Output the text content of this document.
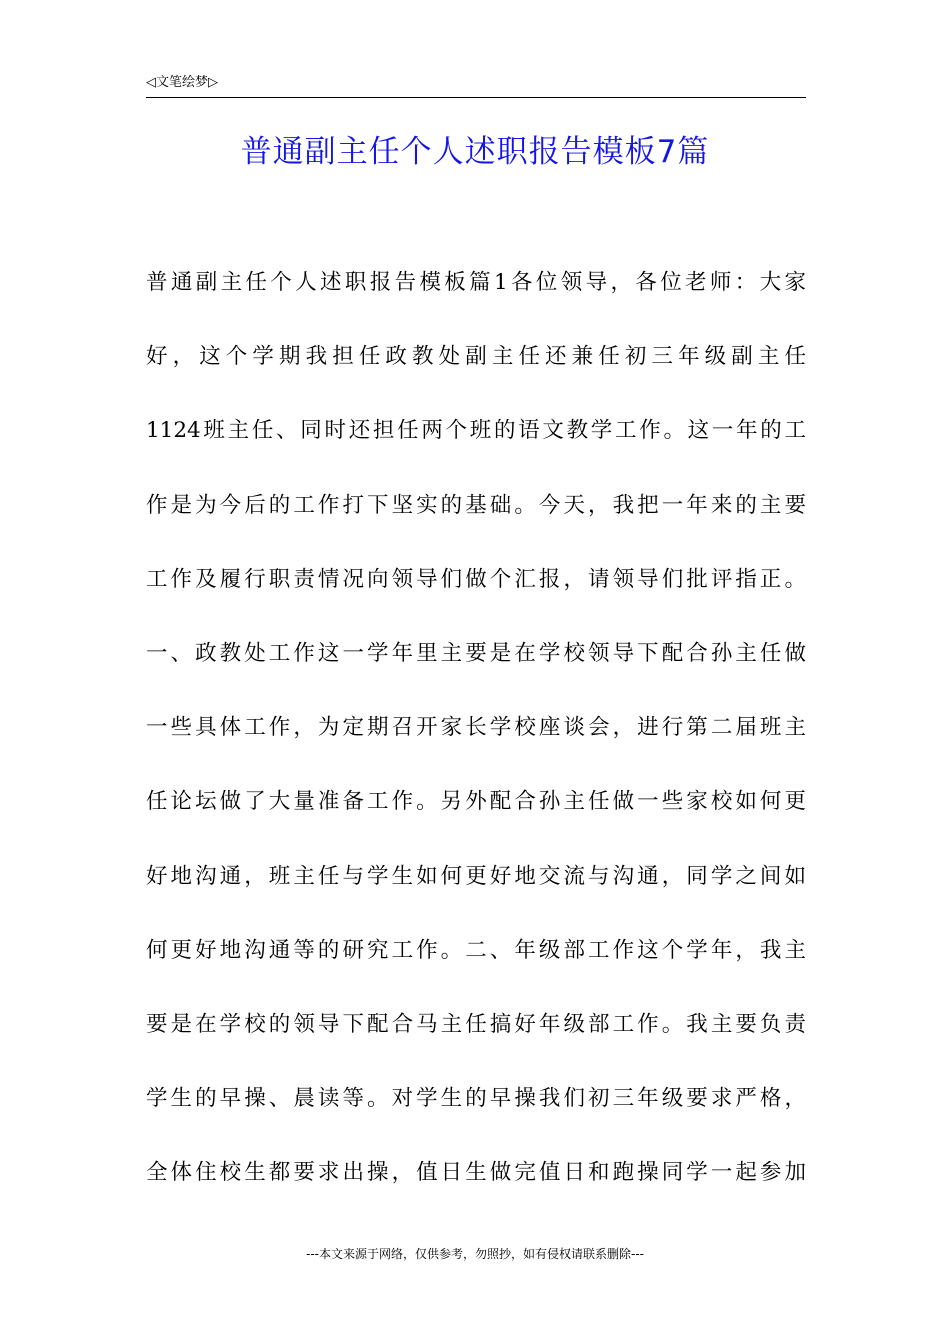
◁文笔绘梦▷
普通副主任个人述职报告模板7篇
普通副主任个人述职报告模板篇1各位领导，各位老师：大家
好，这个学期我担任政教处副主任还兼任初三年级副主任
1124班主任、同时还担任两个班的语文教学工作。这一年的工
作是为今后的工作打下坚实的基础。今天，我把一年来的主要
工作及履行职责情况向领导们做个汇报，请领导们批评指正。
一、政教处工作这一学年里主要是在学校领导下配合孙主任做
一些具体工作，为定期召开家长学校座谈会，进行第二届班主
任论坛做了大量准备工作。另外配合孙主任做一些家校如何更
好地沟通，班主任与学生如何更好地交流与沟通，同学之间如
何更好地沟通等的研究工作。二、年级部工作这个学年，我主
要是在学校的领导下配合马主任搞好年级部工作。我主要负责
学生的早操、晨读等。对学生的早操我们初三年级要求严格，
全体住校生都要求出操，值日生做完值日和跑操同学一起参加
---本文来源于网络，仅供参考，勿照抄，如有侵权请联系删除---
